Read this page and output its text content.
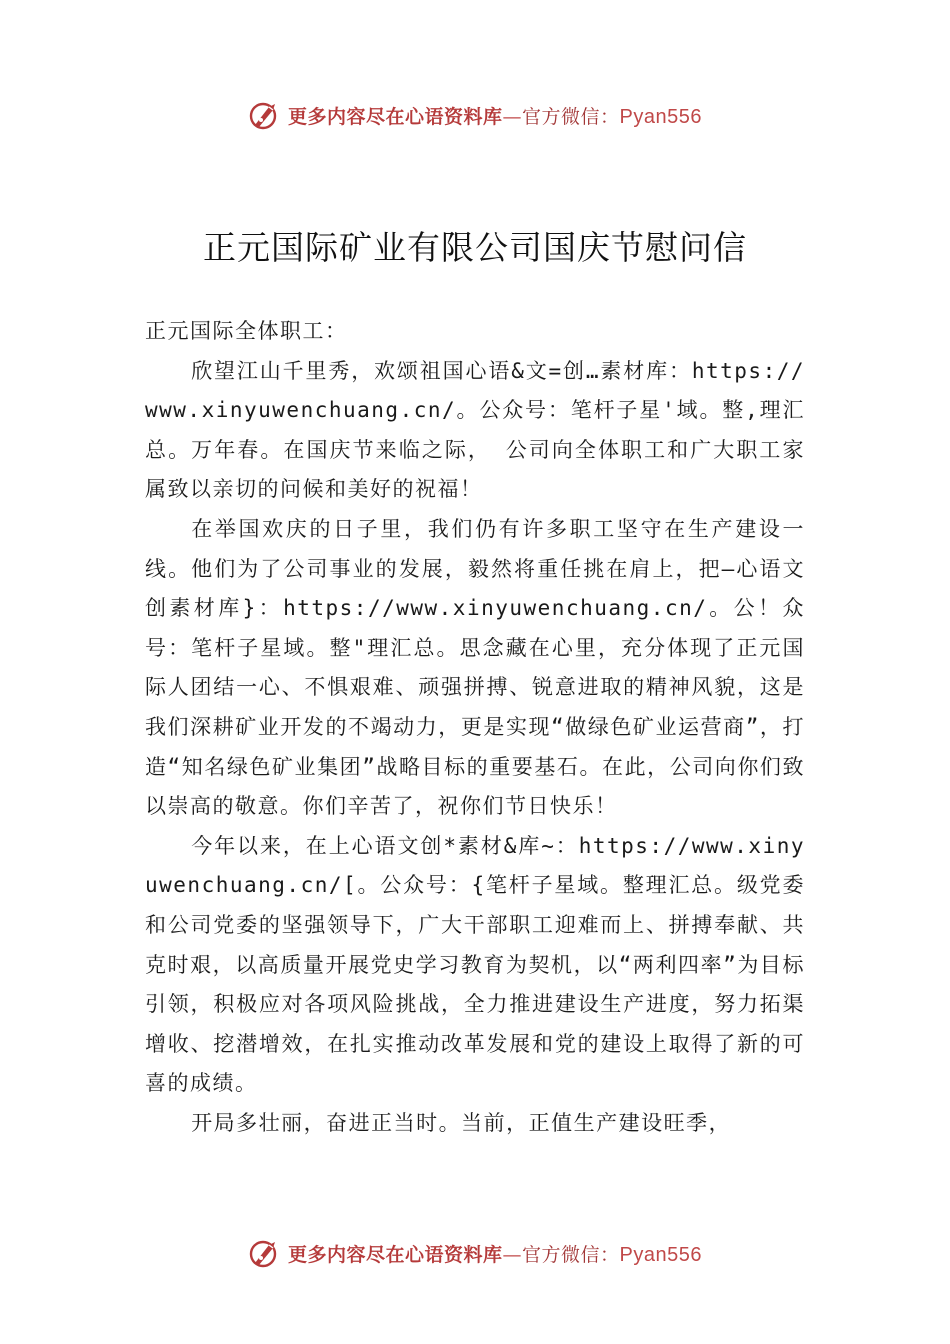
更多内容尽在心语资料库—官方微信：Pyan556
正元国际矿业有限公司国庆节慰问信

正元国际全体职工：

欣望江山千里秀，欢颂祖国心语&文=创…素材库：https://www.xinyuwenchuang.cn/。公众号：笔杆子星'域。整,理汇总。万年春。在国庆节来临之际， 公司向全体职工和广大职工家属致以亲切的问候和美好的祝福！

在举国欢庆的日子里，我们仍有许多职工坚守在生产建设一线。他们为了公司事业的发展，毅然将重任挑在肩上，把—心语文创素材库}：https://www.xinyuwenchuang.cn/。公！众号：笔杆子星域。整"理汇总。思念藏在心里，充分体现了正元国际人团结一心、不惧艰难、顽强拼搏、锐意进取的精神风貌，这是我们深耕矿业开发的不竭动力，更是实现“做绿色矿业运营商”，打造“知名绿色矿业集团”战略目标的重要基石。在此，公司向你们致以崇高的敬意。你们辛苦了，祝你们节日快乐！

今年以来，在上心语文创*素材&库~：https://www.xinyuwenchuang.cn/[。公众号：{笔杆子星域。整理汇总。级党委和公司党委的坚强领导下，广大干部职工迎难而上、拼搏奉献、共克时艰，以高质量开展党史学习教育为契机，以“两利四率”为目标引领，积极应对各项风险挑战，全力推进建设生产进度，努力拓渠增收、挖潜增效，在扎实推动改革发展和党的建设上取得了新的可喜的成绩。

开局多壮丽，奋进正当时。当前，正值生产建设旺季，

更多内容尽在心语资料库—官方微信：Pyan556
